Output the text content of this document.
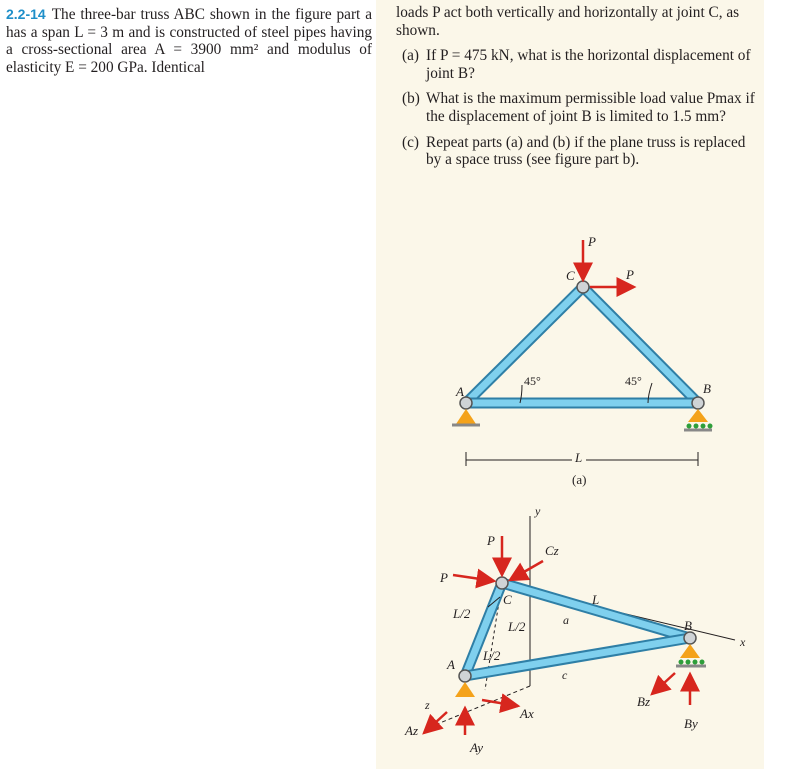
2.2-14 The three-bar truss ABC shown in the figure part a has a span L = 3 m and is constructed of steel pipes having a cross-sectional area A = 3900 mm² and modulus of elasticity E = 200 GPa. Identical
loads P act both vertically and horizontally at joint C, as shown.
(a) If P = 475 kN, what is the horizontal displacement of joint B?
(b) What is the maximum permissible load value Pmax if the displacement of joint B is limited to 1.5 mm?
(c) Repeat parts (a) and (b) if the plane truss is replaced by a space truss (see figure part b).
P
P
C
A	B
45°	45°
L
(a)
y
P
Cz
P
C	L
L/2
L/2	a	B
x
L/2
A
c
Bz
z
Ax
By
Az
Ay
